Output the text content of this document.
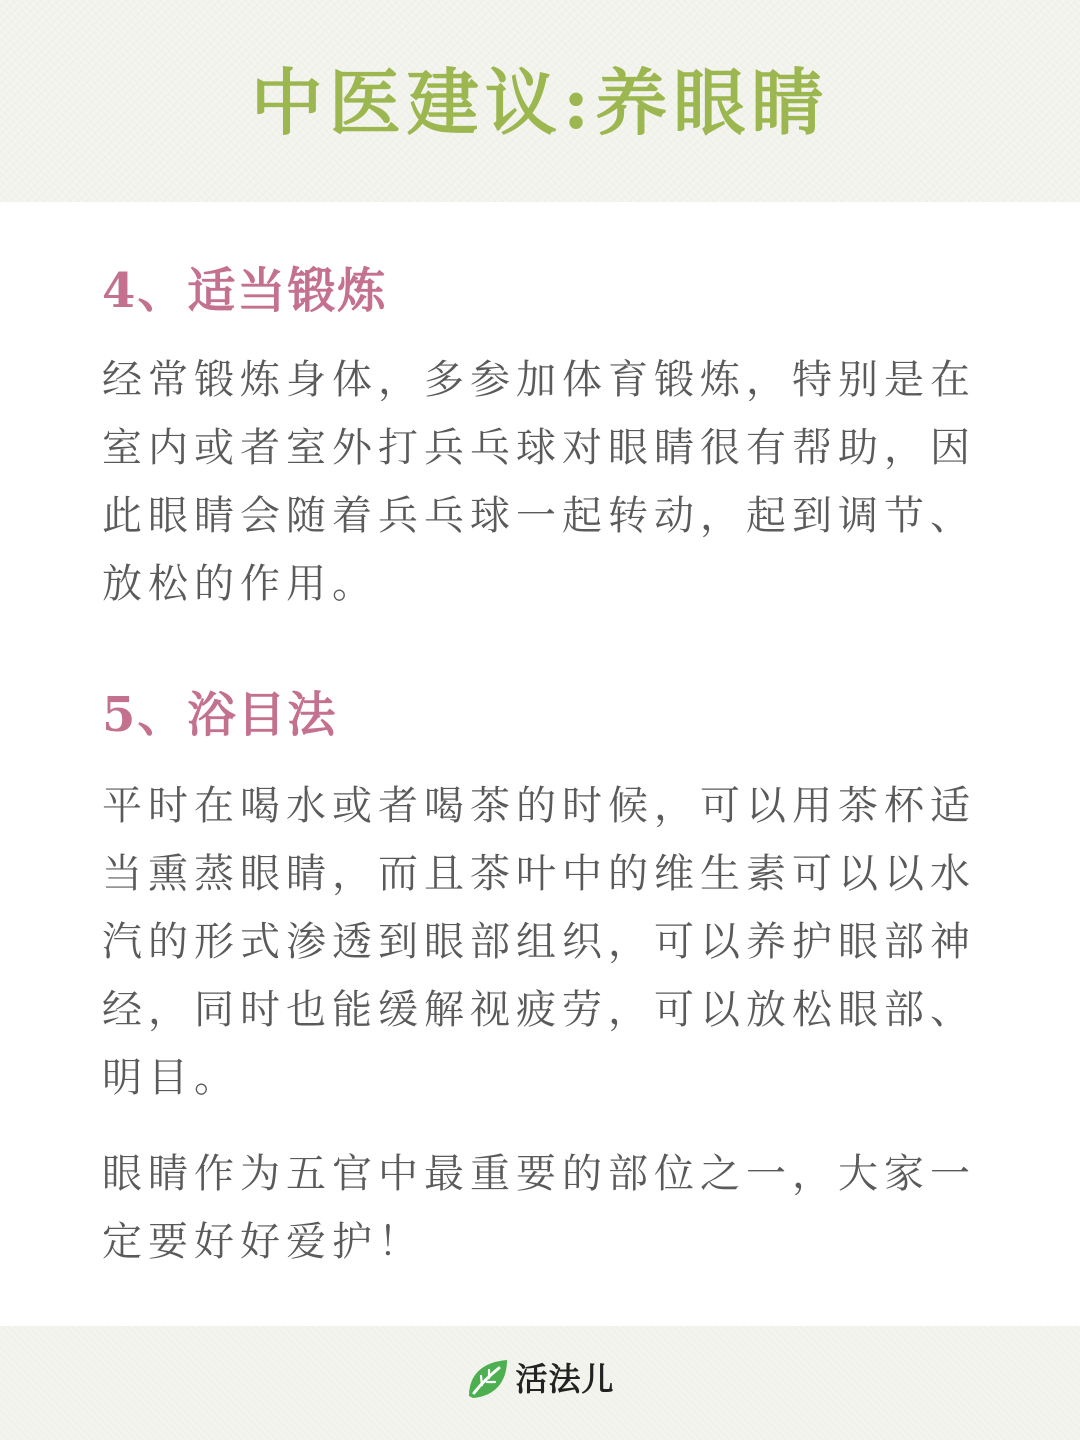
中医建议:养眼睛
4、适当锻炼

经常锻炼身体，多参加体育锻炼，特别是在室内或者室外打兵乓球对眼睛很有帮助，因此眼睛会随着兵乓球一起转动，起到调节、放松的作用。

5、浴目法

平时在喝水或者喝茶的时候，可以用茶杯适当熏蒸眼睛，而且茶叶中的维生素可以以水汽的形式渗透到眼部组织，可以养护眼部神经，同时也能缓解视疲劳，可以放松眼部、明目。

眼睛作为五官中最重要的部位之一，大家一定要好好爱护！

活法儿
